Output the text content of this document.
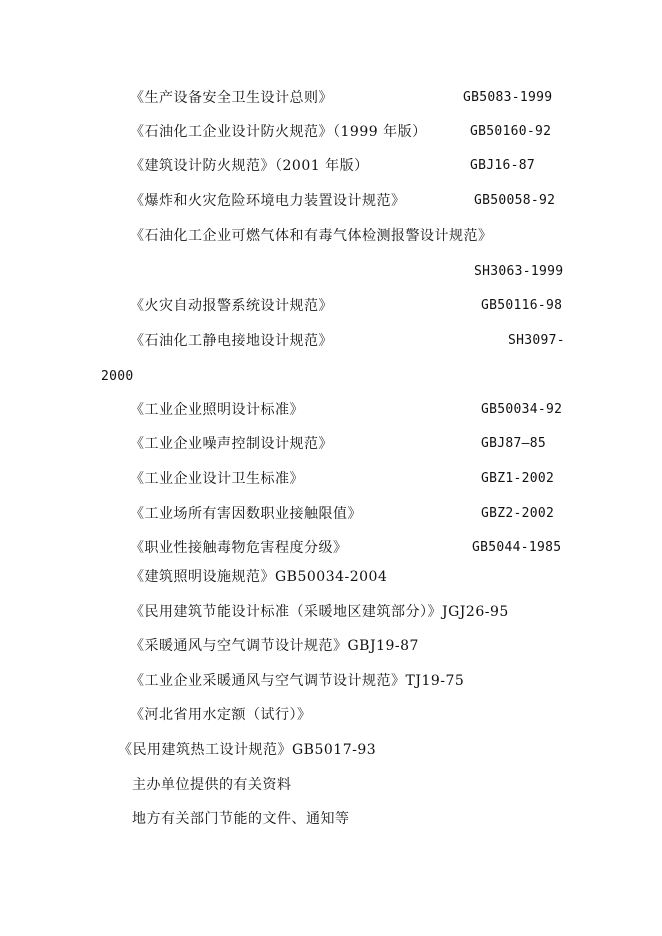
《生产设备安全卫生设计总则》	GB5083-1999
《石油化工企业设计防火规范》（1999 年版）	GB50160-92
《建筑设计防火规范》（2001 年版）	GBJ16-87
《爆炸和火灾危险环境电力装置设计规范》	GB50058-92
《石油化工企业可燃气体和有毒气体检测报警设计规范》
SH3063-1999
《火灾自动报警系统设计规范》	GB50116-98
《石油化工静电接地设计规范》	SH3097-
2000
《工业企业照明设计标准》	GB50034-92
《工业企业噪声控制设计规范》	GBJ87—85
《工业企业设计卫生标准》	GBZ1-2002
《工业场所有害因数职业接触限值》	GBZ2-2002
《职业性接触毒物危害程度分级》	GB5044-1985
《建筑照明设施规范》GB50034-2004
《民用建筑节能设计标准（采暖地区建筑部分）》JGJ26-95
《采暖通风与空气调节设计规范》GBJ19-87
《工业企业采暖通风与空气调节设计规范》TJ19-75
《河北省用水定额（试行）》
《民用建筑热工设计规范》GB5017-93
主办单位提供的有关资料
地方有关部门节能的文件、通知等
